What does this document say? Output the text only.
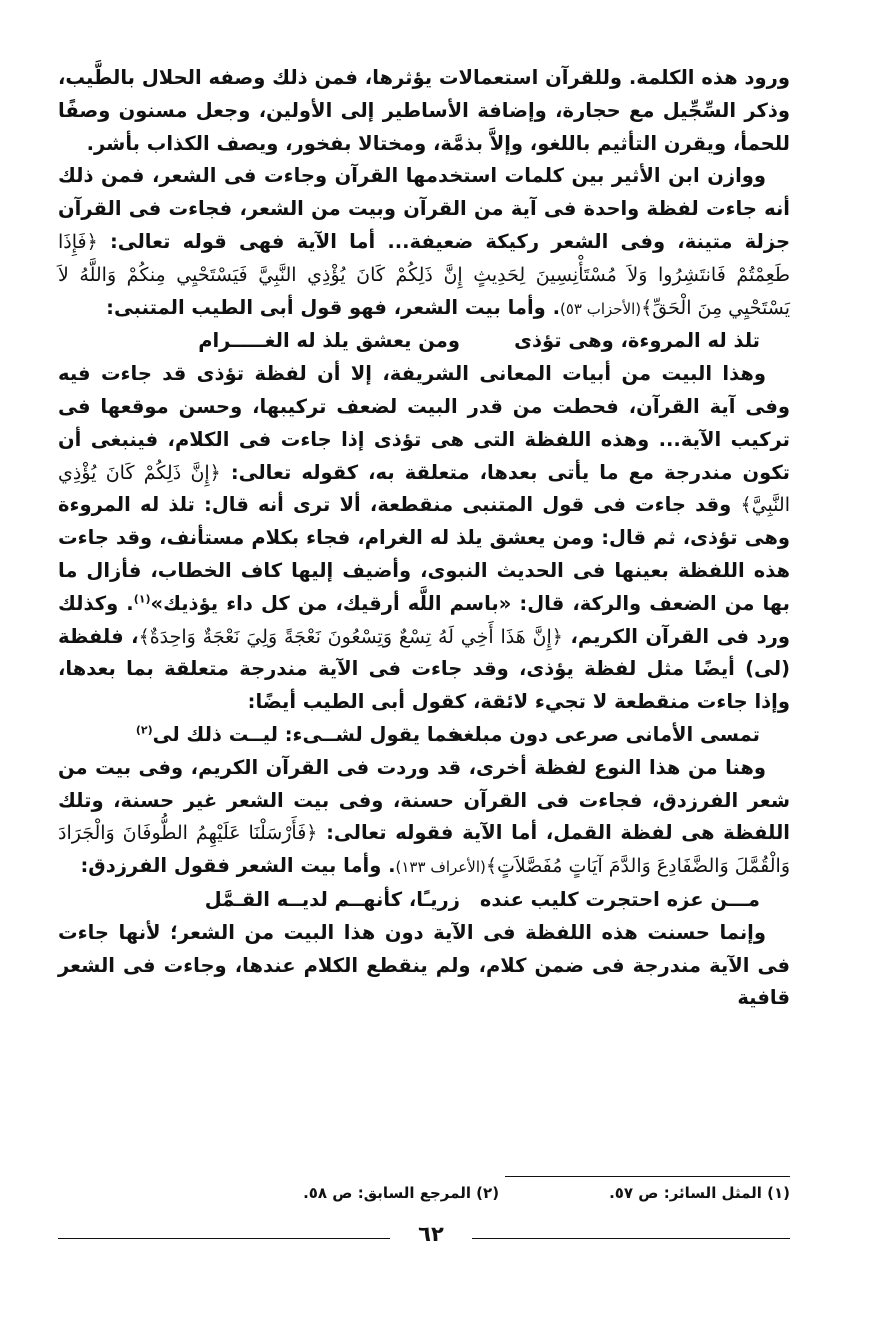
ورود هذه الكلمة. وللقرآن استعمالات يؤثرها، فمن ذلك وصفه الحلال بالطَّيب، وذكر السِّجِّيل مع حجارة، وإضافة الأساطير إلى الأولين، وجعل مسنون وصفًا للحمأ، ويقرن التأثيم باللغو، وإلاَّ بذمَّة، ومختالا بفخور، ويصف الكذاب بأشر.

ووازن ابن الأثير بين كلمات استخدمها القرآن وجاءت فى الشعر، فمن ذلك أنه جاءت لفظة واحدة فى آية من القرآن وبيت من الشعر، فجاءت فى القرآن جزلة متينة، وفى الشعر ركيكة ضعيفة... أما الآية فهى قوله تعالى: ﴿فَإِذَا طَعِمْتُمْ فَانتَشِرُوا وَلاَ مُسْتَأْنِسِينَ لِحَدِيثٍ إِنَّ ذَلِكُمْ كَانَ يُؤْذِي النَّبِيَّ فَيَسْتَحْيِي مِنكُمْ وَاللَّهُ لاَ يَسْتَحْيِي مِنَ الْحَقِّ﴾(الأحزاب ٥٣). وأما بيت الشعر، فهو قول أبى الطيب المتنبى:

تلذ له المروءة، وهى تؤذى
ومن يعشق يلذ له الغـــــرام

وهذا البيت من أبيات المعانى الشريفة، إلا أن لفظة تؤذى قد جاءت فيه وفى آية القرآن، فحطت من قدر البيت لضعف تركيبها، وحسن موقعها فى تركيب الآية... وهذه اللفظة التى هى تؤذى إذا جاءت فى الكلام، فينبغى أن تكون مندرجة مع ما يأتى بعدها، متعلقة به، كقوله تعالى: ﴿إِنَّ ذَلِكُمْ كَانَ يُؤْذِي النَّبِيَّ﴾ وقد جاءت فى قول المتنبى منقطعة، ألا ترى أنه قال: تلذ له المروءة وهى تؤذى، ثم قال: ومن يعشق يلذ له الغرام، فجاء بكلام مستأنف، وقد جاءت هذه اللفظة بعينها فى الحديث النبوى، وأضيف إليها كاف الخطاب، فأزال ما بها من الضعف والركة، قال: «باسم اللَّه أرقيك، من كل داء يؤذيك»$^{(١)}$. وكذلك ورد فى القرآن الكريم، ﴿إِنَّ هَذَا أَخِي لَهُ تِسْعٌ وَتِسْعُونَ نَعْجَةً وَلِيَ نَعْجَةٌ وَاحِدَةٌ﴾، فلفظة (لى) أيضًا مثل لفظة يؤذى، وقد جاءت فى الآية مندرجة متعلقة بما بعدها، وإذا جاءت منقطعة لا تجيء لائقة، كقول أبى الطيب أيضًا:

تمسى الأمانى صرعى دون مبلغه
فما يقول لشــىء: ليــت ذلك لى$^{(٢)}$

وهنا من هذا النوع لفظة أخرى، قد وردت فى القرآن الكريم، وفى بيت من شعر الفرزدق، فجاءت فى القرآن حسنة، وفى بيت الشعر غير حسنة، وتلك اللفظة هى لفظة القمل، أما الآية فقوله تعالى: ﴿فَأَرْسَلْنَا عَلَيْهِمُ الطُّوفَانَ وَالْجَرَادَ وَالْقُمَّلَ وَالضَّفَادِعَ وَالدَّمَ آيَاتٍ مُفَصَّلاَتٍ﴾(الأعراف ١٣٣). وأما بيت الشعر فقول الفرزدق:

مـــن عزه احتجرت كليب عنده
زريـًا، كأنهــم لديــه القـمَّل

وإنما حسنت هذه اللفظة فى الآية دون هذا البيت من الشعر؛ لأنها جاءت فى الآية مندرجة فى ضمن كلام، ولم ينقطع الكلام عندها، وجاءت فى الشعر قافية

(١) المثل السائر: ص ٥٧.
(٢) المرجع السابق: ص ٥٨.
٦٢
